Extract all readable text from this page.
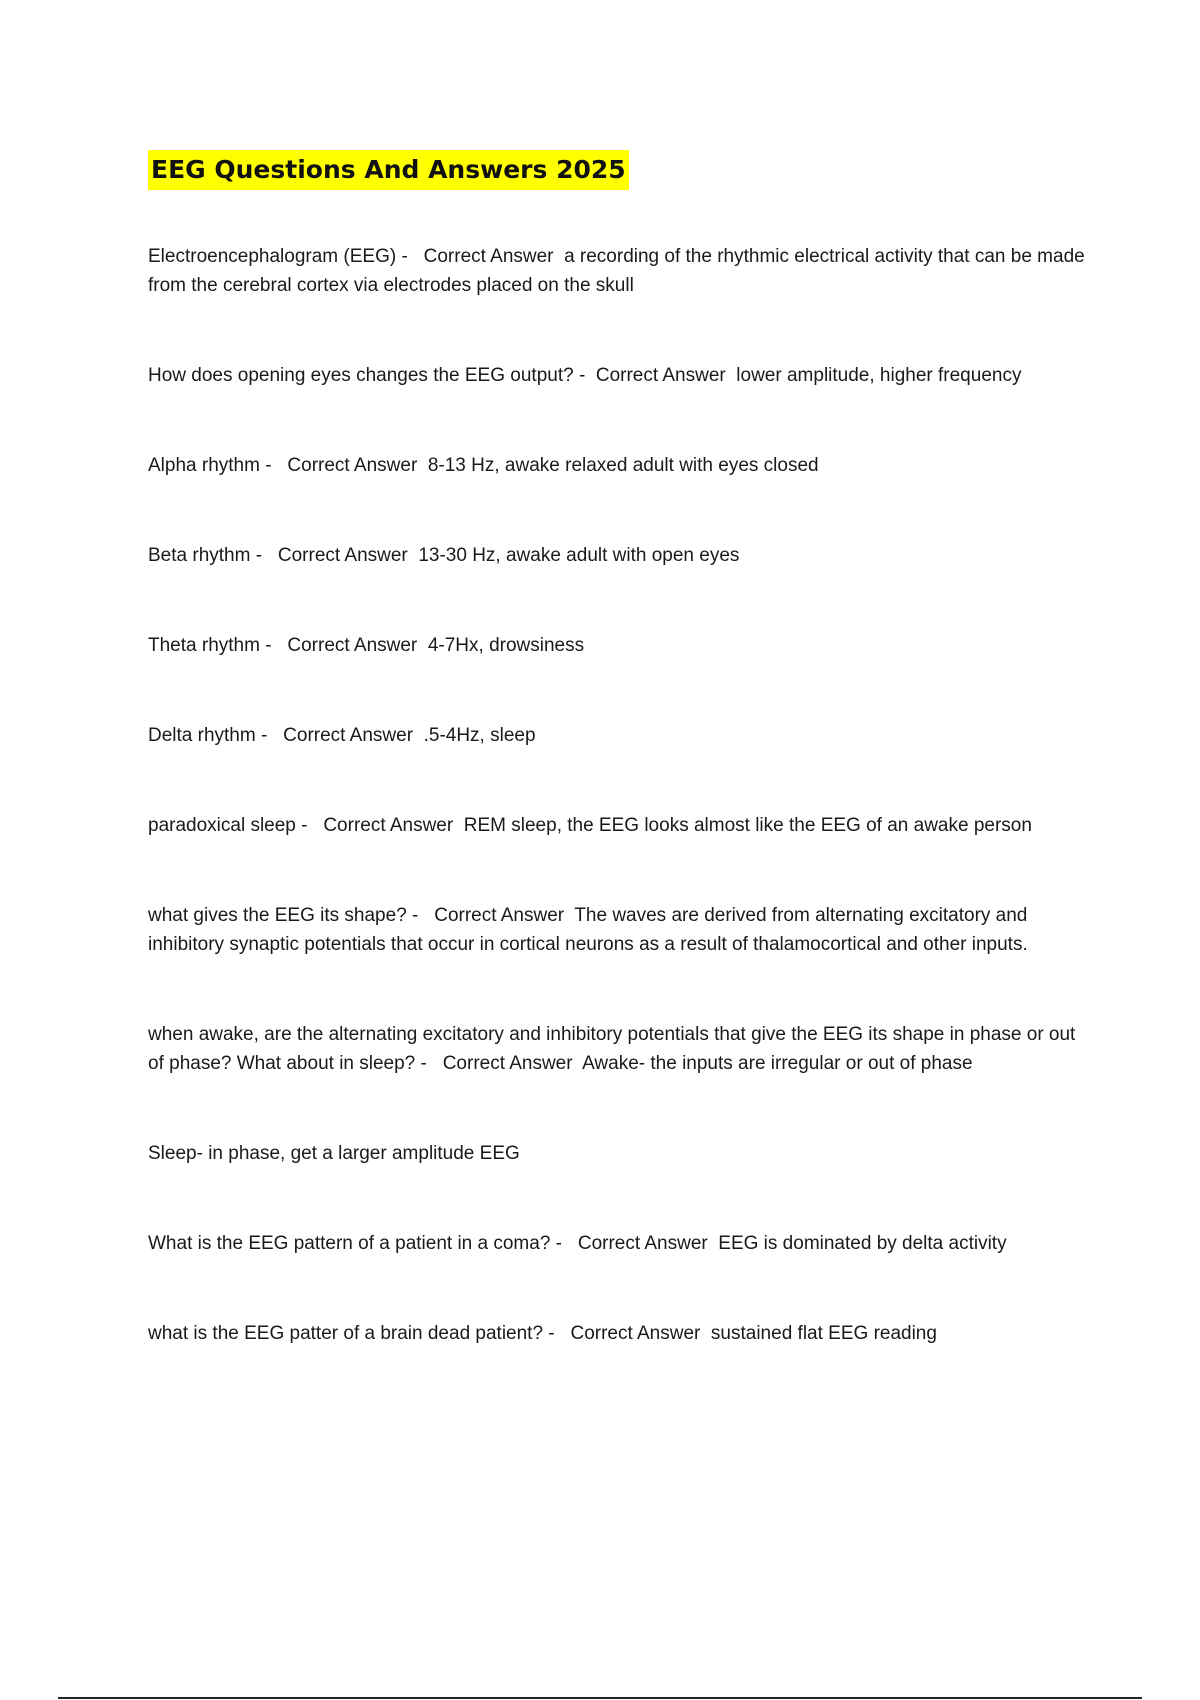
EEG Questions And Answers 2025
Electroencephalogram (EEG) -   Correct Answer a recording of the rhythmic electrical activity that can be made from the cerebral cortex via electrodes placed on the skull
How does opening eyes changes the EEG output? -  Correct Answer lower amplitude, higher frequency
Alpha rhythm -   Correct Answer 8-13 Hz, awake relaxed adult with eyes closed
Beta rhythm -   Correct Answer 13-30 Hz, awake adult with open eyes
Theta rhythm -   Correct Answer 4-7Hx, drowsiness
Delta rhythm -   Correct Answer .5-4Hz, sleep
paradoxical sleep -   Correct Answer REM sleep, the EEG looks almost like the EEG of an awake person
what gives the EEG its shape? -   Correct Answer The waves are derived from alternating excitatory and inhibitory synaptic potentials that occur in cortical neurons as a result of thalamocortical and other inputs.
when awake, are the alternating excitatory and inhibitory potentials that give the EEG its shape in phase or out of phase? What about in sleep? -   Correct Answer Awake- the inputs are irregular or out of phase
Sleep- in phase, get a larger amplitude EEG
What is the EEG pattern of a patient in a coma? -   Correct Answer EEG is dominated by delta activity
what is the EEG patter of a brain dead patient? -   Correct Answer sustained flat EEG reading
